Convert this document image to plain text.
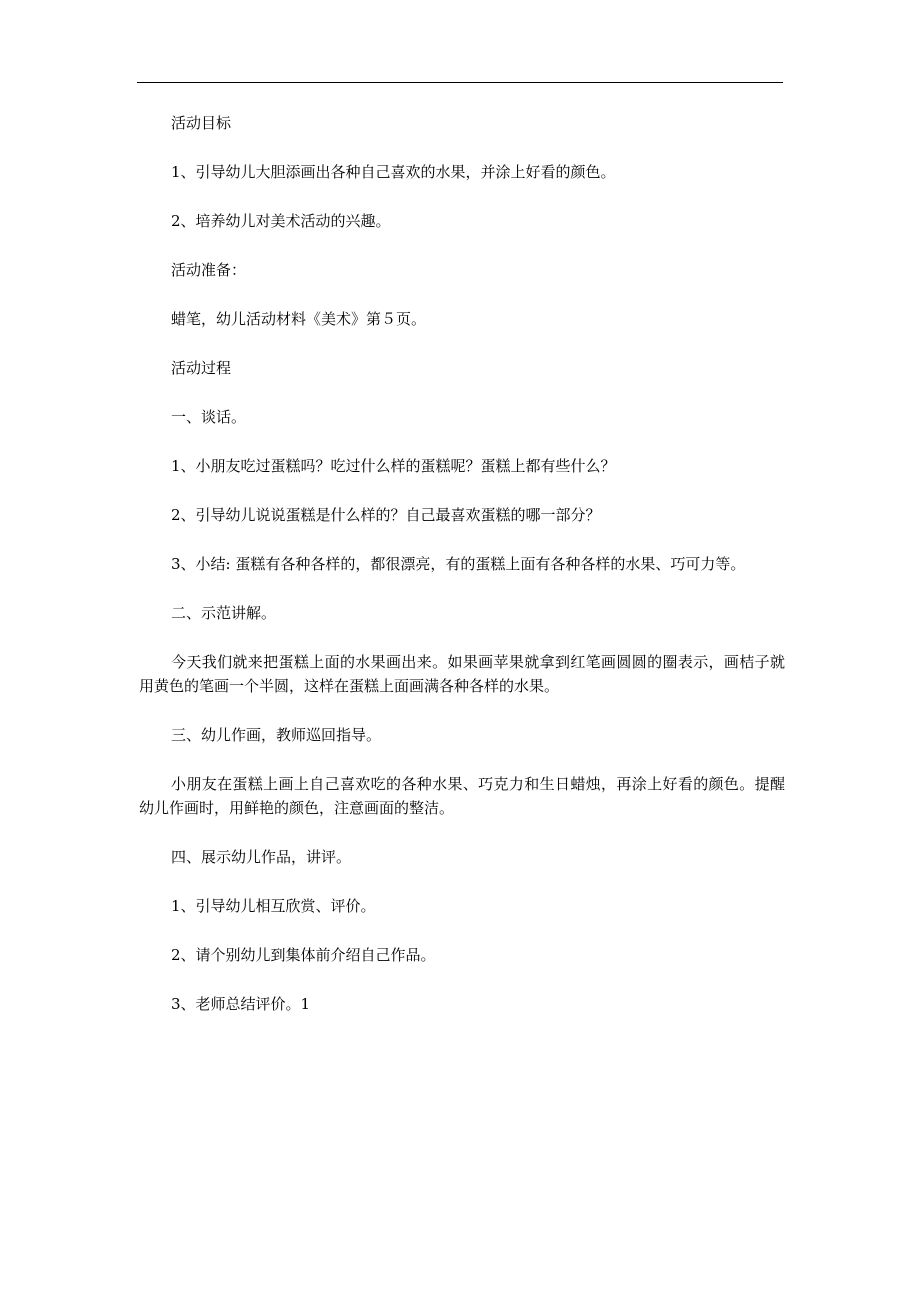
活动目标

1、引导幼儿大胆添画出各种自己喜欢的水果，并涂上好看的颜色。

2、培养幼儿对美术活动的兴趣。

活动准备：

蜡笔，幼儿活动材料《美术》第５页。

活动过程

一、谈话。

1、小朋友吃过蛋糕吗？吃过什么样的蛋糕呢？蛋糕上都有些什么？

2、引导幼儿说说蛋糕是什么样的？自己最喜欢蛋糕的哪一部分？

3、小结: 蛋糕有各种各样的，都很漂亮，有的蛋糕上面有各种各样的水果、巧可力等。

二、示范讲解。

今天我们就来把蛋糕上面的水果画出来。如果画苹果就拿到红笔画圆圆的圈表示，画桔子就用黄色的笔画一个半圆，这样在蛋糕上面画满各种各样的水果。

三、幼儿作画，教师巡回指导。

小朋友在蛋糕上画上自己喜欢吃的各种水果、巧克力和生日蜡烛，再涂上好看的颜色。提醒幼儿作画时，用鲜艳的颜色，注意画面的整洁。

四、展示幼儿作品，讲评。

1、引导幼儿相互欣赏、评价。

2、请个别幼儿到集体前介绍自己作品。

3、老师总结评价。1
